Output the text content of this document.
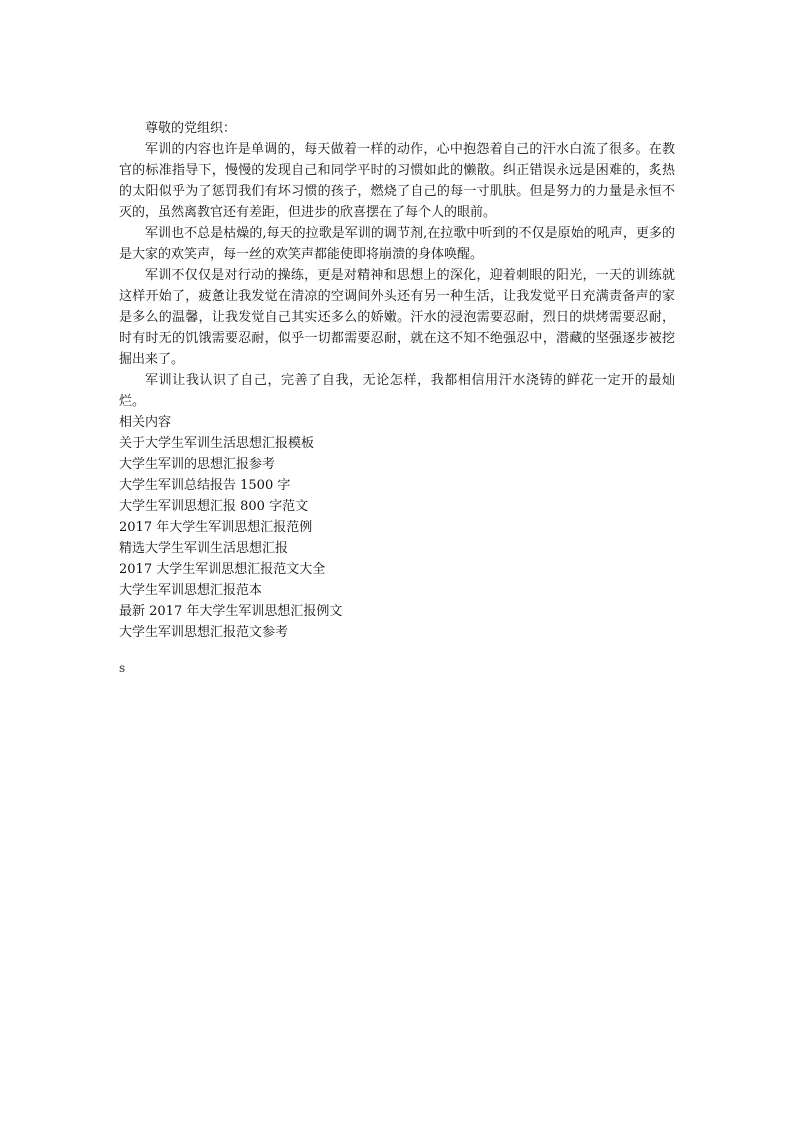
尊敬的党组织：

军训的内容也许是单调的，每天做着一样的动作，心中抱怨着自己的汗水白流了很多。在教官的标准指导下，慢慢的发现自己和同学平时的习惯如此的懒散。纠正错误永远是困难的，炙热的太阳似乎为了惩罚我们有坏习惯的孩子，燃烧了自己的每一寸肌肤。但是努力的力量是永恒不灭的，虽然离教官还有差距，但进步的欣喜摆在了每个人的眼前。

军训也不总是枯燥的,每天的拉歌是军训的调节剂,在拉歌中听到的不仅是原始的吼声，更多的是大家的欢笑声，每一丝的欢笑声都能使即将崩溃的身体唤醒。

军训不仅仅是对行动的操练，更是对精神和思想上的深化，迎着刺眼的阳光，一天的训练就这样开始了，疲惫让我发觉在清凉的空调间外头还有另一种生活，让我发觉平日充满责备声的家是多么的温馨，让我发觉自己其实还多么的娇嫩。汗水的浸泡需要忍耐，烈日的烘烤需要忍耐，时有时无的饥饿需要忍耐，似乎一切都需要忍耐，就在这不知不绝强忍中，潜藏的坚强逐步被挖掘出来了。

军训让我认识了自己，完善了自我，无论怎样，我都相信用汗水浇铸的鲜花一定开的最灿烂。

相关内容

关于大学生军训生活思想汇报模板
大学生军训的思想汇报参考
大学生军训总结报告 1500 字
大学生军训思想汇报 800 字范文
2017 年大学生军训思想汇报范例
精选大学生军训生活思想汇报
2017 大学生军训思想汇报范文大全
大学生军训思想汇报范本
最新 2017 年大学生军训思想汇报例文
大学生军训思想汇报范文参考
s
